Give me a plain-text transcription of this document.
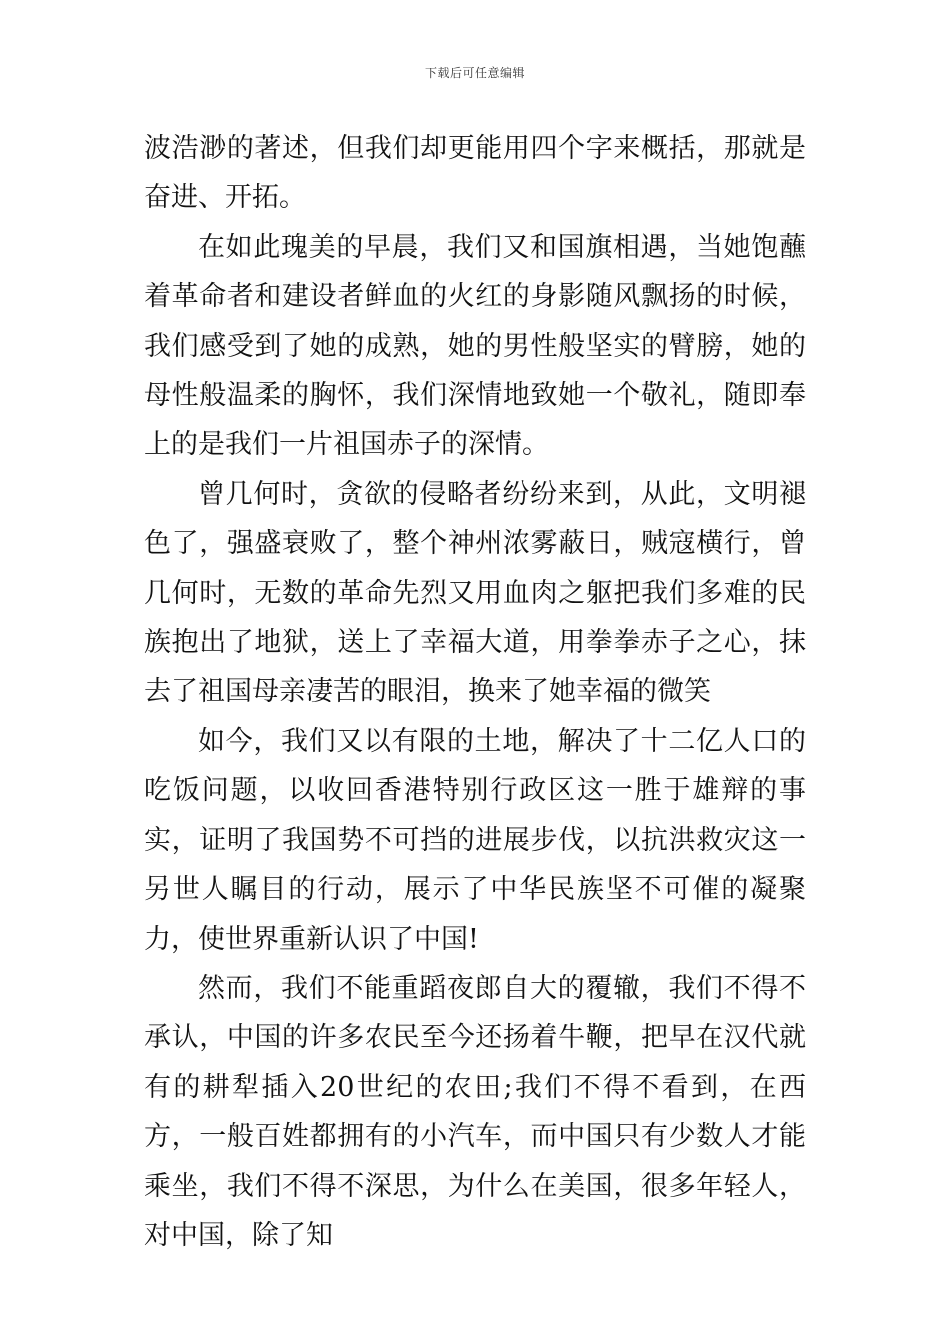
下载后可任意编辑

波浩渺的著述，但我们却更能用四个字来概括，那就是奋进、开拓。

在如此瑰美的早晨，我们又和国旗相遇，当她饱蘸着革命者和建设者鲜血的火红的身影随风飘扬的时候，我们感受到了她的成熟，她的男性般坚实的臂膀，她的母性般温柔的胸怀，我们深情地致她一个敬礼，随即奉上的是我们一片祖国赤子的深情。

曾几何时，贪欲的侵略者纷纷来到，从此，文明褪色了，强盛衰败了，整个神州浓雾蔽日，贼寇横行，曾几何时，无数的革命先烈又用血肉之躯把我们多难的民族抱出了地狱，送上了幸福大道，用拳拳赤子之心，抹去了祖国母亲凄苦的眼泪，换来了她幸福的微笑

如今，我们又以有限的土地，解决了十二亿人口的吃饭问题，以收回香港特别行政区这一胜于雄辩的事实，证明了我国势不可挡的进展步伐，以抗洪救灾这一另世人瞩目的行动，展示了中华民族坚不可催的凝聚力，使世界重新认识了中国!

然而，我们不能重蹈夜郎自大的覆辙，我们不得不承认，中国的许多农民至今还扬着牛鞭，把早在汉代就有的耕犁插入20世纪的农田;我们不得不看到，在西方，一般百姓都拥有的小汽车，而中国只有少数人才能乘坐，我们不得不深思，为什么在美国，很多年轻人，对中国，除了知
